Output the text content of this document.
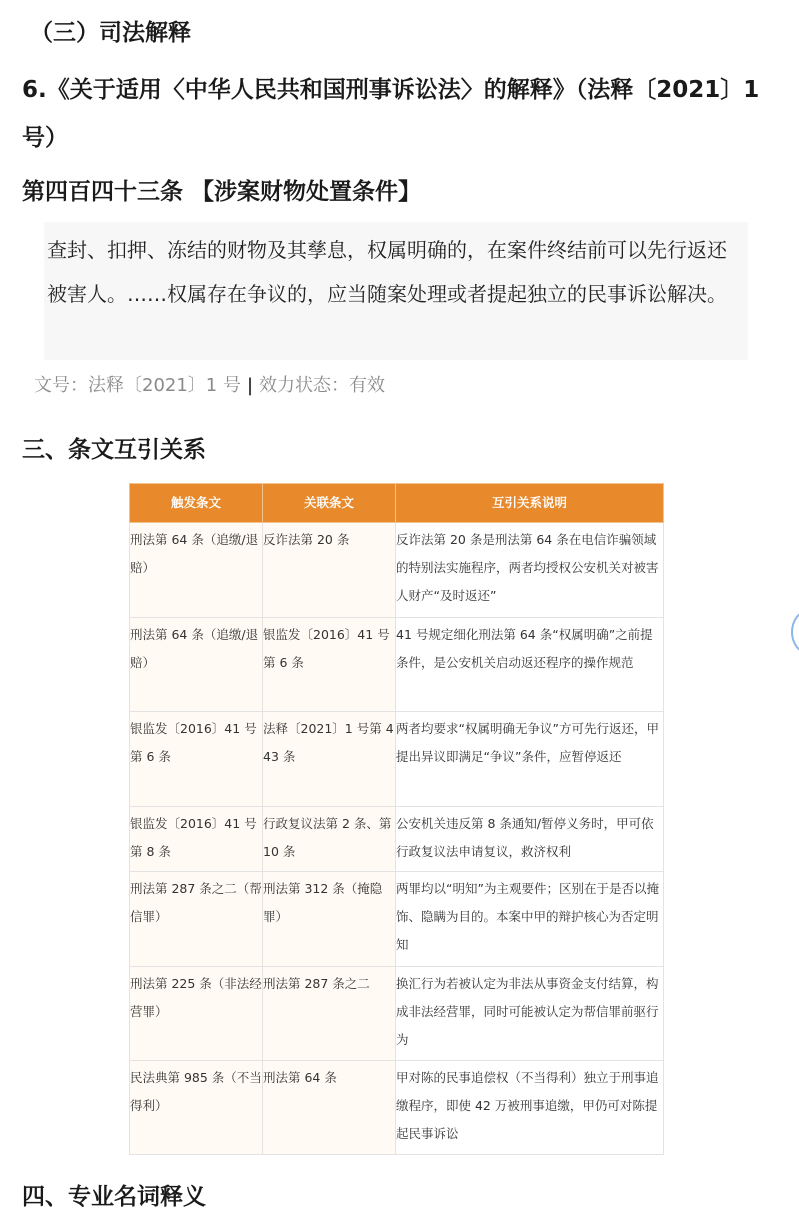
（三）司法解释
6.《关于适用〈中华人民共和国刑事诉讼法〉的解释》（法释〔2021〕1 号）
第四百四十三条 【涉案财物处置条件】
查封、扣押、冻结的财物及其孳息，权属明确的，在案件终结前可以先行返还被害人。……权属存在争议的，应当随案处理或者提起独立的民事诉讼解决。
文号：法释〔2021〕1 号 | 效力状态：有效
三、条文互引关系
触发条文	关联条文	互引关系说明
刑法第 64 条（追缴/退赔）	反诈法第 20 条	反诈法第 20 条是刑法第 64 条在电信诈骗领域的特别法实施程序，两者均授权公安机关对被害人财产“及时返还”
刑法第 64 条（追缴/退赔）	银监发〔2016〕41 号第 6 条	41 号规定细化刑法第 64 条“权属明确”之前提条件，是公安机关启动返还程序的操作规范
银监发〔2016〕41 号第 6 条	法释〔2021〕1 号第 443 条	两者均要求“权属明确无争议”方可先行返还，甲提出异议即满足“争议”条件，应暂停返还
银监发〔2016〕41 号第 8 条	行政复议法第 2 条、第 10 条	公安机关违反第 8 条通知/暂停义务时，甲可依行政复议法申请复议，救济权利
刑法第 287 条之二（帮信罪）	刑法第 312 条（掩隐罪）	两罪均以“明知”为主观要件；区别在于是否以掩饰、隐瞒为目的。本案中甲的辩护核心为否定明知
刑法第 225 条（非法经营罪）	刑法第 287 条之二	换汇行为若被认定为非法从事资金支付结算，构成非法经营罪，同时可能被认定为帮信罪前驱行为
民法典第 985 条（不当得利）	刑法第 64 条	甲对陈的民事追偿权（不当得利）独立于刑事追缴程序，即使 42 万被刑事追缴，甲仍可对陈提起民事诉讼
四、专业名词释义
